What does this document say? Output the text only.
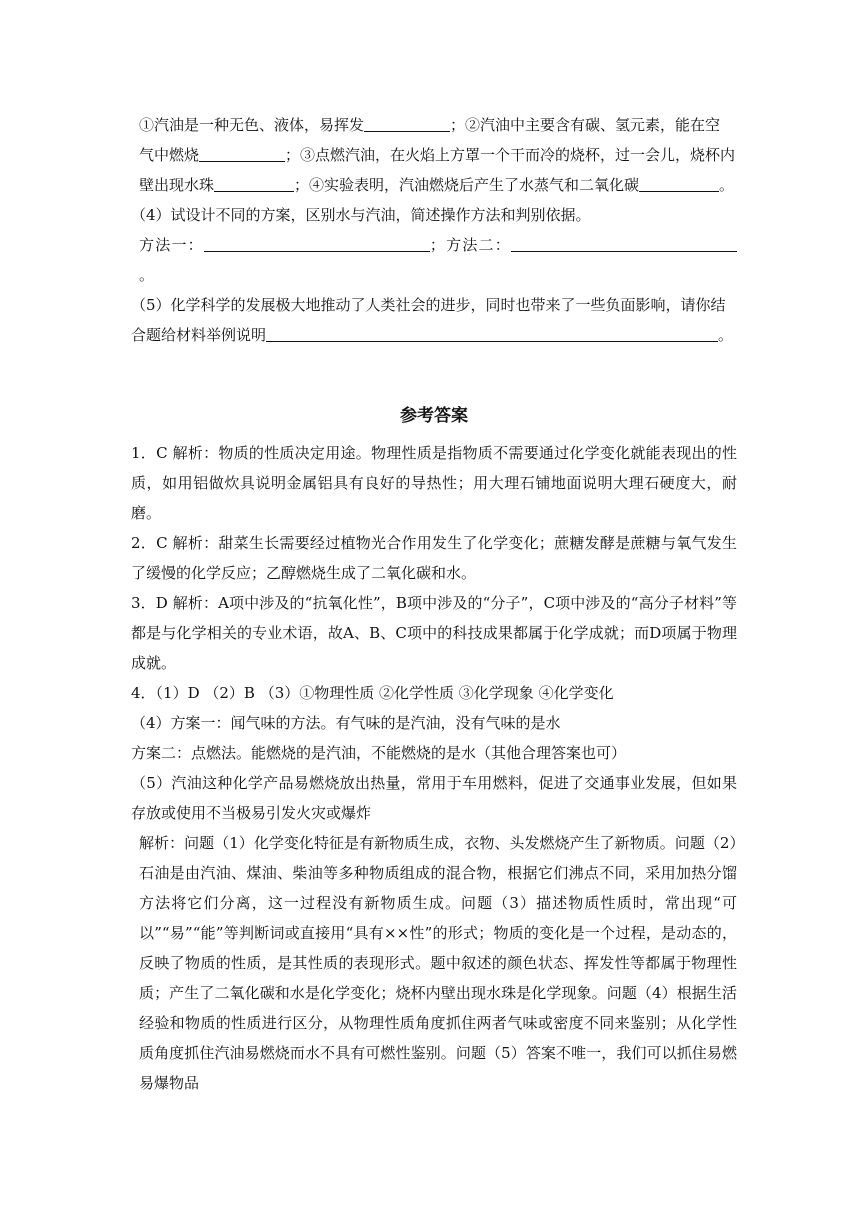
①汽油是一种无色、液体，易挥发	；②汽油中主要含有碳、氢元素，能在空
气中燃烧	；③点燃汽油，在火焰上方罩一个干而冷的烧杯，过一会儿，烧杯内
壁出现水珠	；④实验表明，汽油燃烧后产生了水蒸气和二氧化碳	。

（4）试设计不同的方案，区别水与汽油，简述操作方法和判别依据。

方法一：	；方法二：。

（5）化学科学的发展极大地推动了人类社会的进步，同时也带来了一些负面影响，请你结
合题给材料举例说明	。

参考答案

1．C 解析：物质的性质决定用途。物理性质是指物质不需要通过化学变化就能表现出的性质，如用铝做炊具说明金属铝具有良好的导热性；用大理石铺地面说明大理石硬度大，耐磨。

2．C 解析：甜菜生长需要经过植物光合作用发生了化学变化；蔗糖发酵是蔗糖与氧气发生了缓慢的化学反应；乙醇燃烧生成了二氧化碳和水。

3．D 解析：A项中涉及的“抗氧化性”，B项中涉及的“分子”，C项中涉及的“高分子材料”等都是与化学相关的专业术语，故A、B、C项中的科技成果都属于化学成就；而D项属于物理成就。

4．（1）D （2）B （3）①物理性质 ②化学性质 ③化学现象 ④化学变化

（4）方案一：闻气味的方法。有气味的是汽油，没有气味的是水

方案二：点燃法。能燃烧的是汽油，不能燃烧的是水（其他合理答案也可）

（5）汽油这种化学产品易燃烧放出热量，常用于车用燃料，促进了交通事业发展，但如果存放或使用不当极易引发火灾或爆炸

解析：问题（1）化学变化特征是有新物质生成，衣物、头发燃烧产生了新物质。问题（2）石油是由汽油、煤油、柴油等多种物质组成的混合物，根据它们沸点不同，采用加热分馏方法将它们分离，这一过程没有新物质生成。问题（3）描述物质性质时，常出现“可以”“易”“能”等判断词或直接用“具有××性”的形式；物质的变化是一个过程，是动态的，反映了物质的性质，是其性质的表现形式。题中叙述的颜色状态、挥发性等都属于物理性质；产生了二氧化碳和水是化学变化；烧杯内壁出现水珠是化学现象。问题（4）根据生活经验和物质的性质进行区分，从物理性质角度抓住两者气味或密度不同来鉴别；从化学性质角度抓住汽油易燃烧而水不具有可燃性鉴别。问题（5）答案不唯一，我们可以抓住易燃易爆物品
